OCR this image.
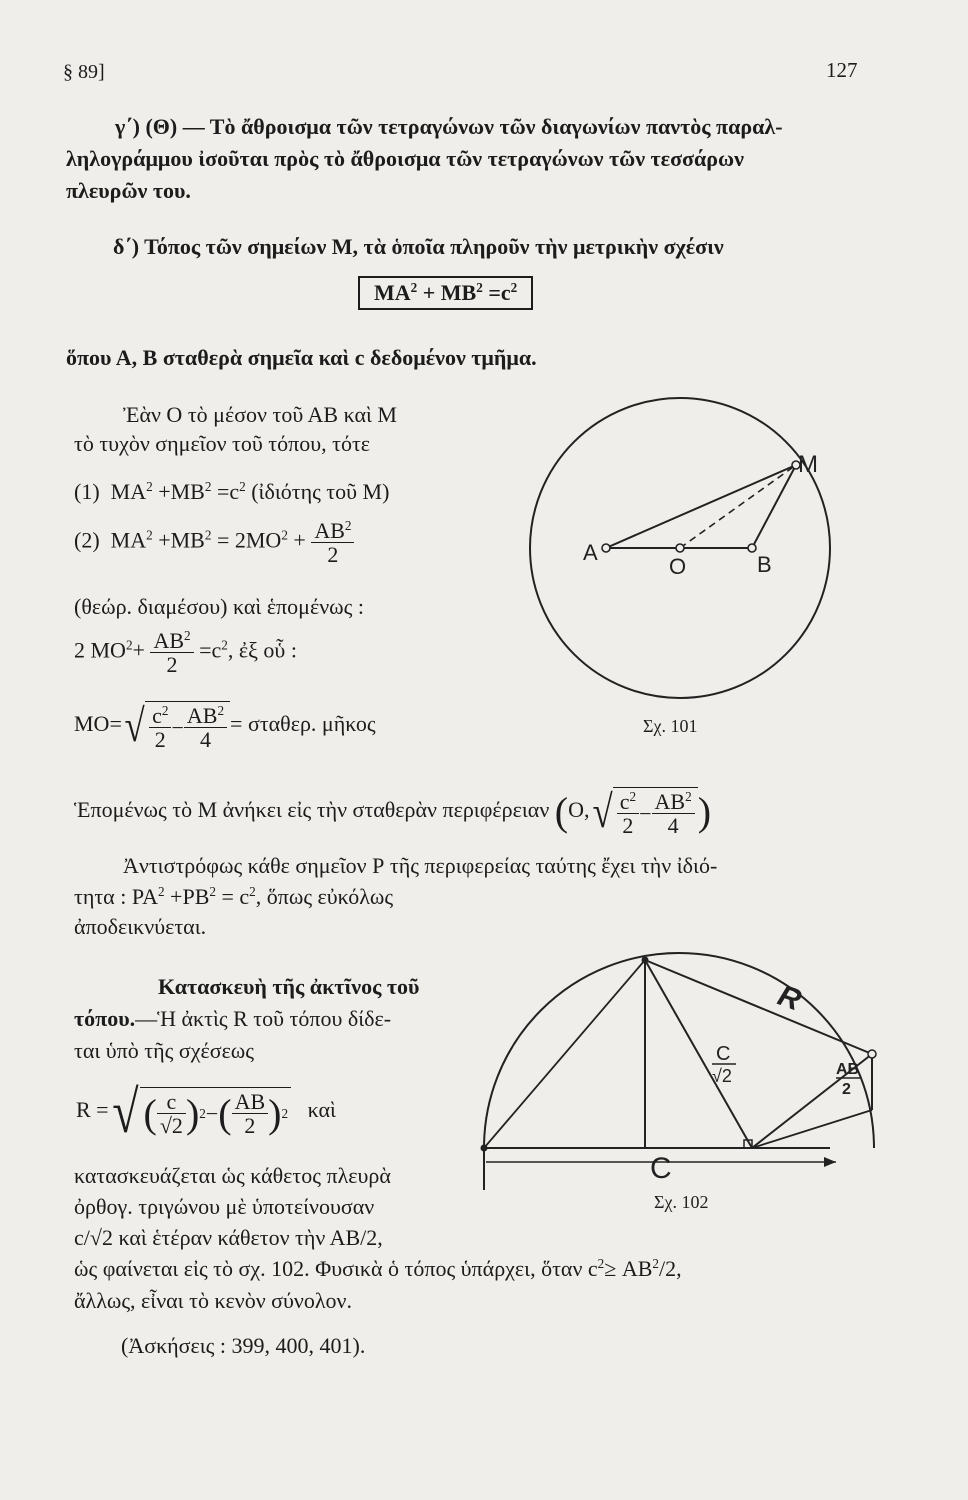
§ 89]	127
γ΄) (Θ) — Τὸ ἄθροισμα τῶν τετραγώνων τῶν διαγωνίων παντὸς παραλ-
ληλογράμμου ἰσοῦται πρὸς τὸ ἄθροισμα τῶν τετραγώνων τῶν τεσσάρων
πλευρῶν του.
δ΄) Τόπος τῶν σημείων Μ, τὰ ὁποῖα πληροῦν τὴν μετρικὴν σχέσιν
$MA^2 + MB^2 =c^2$
ὅπου Α, Β σταθερὰ σημεῖα καὶ c δεδομένον τμῆμα.
Ἐὰν Ο τὸ μέσον τοῦ ΑΒ καὶ Μ
τὸ τυχὸν σημεῖον τοῦ τόπου, τότε
(1) $MA^2 +MB^2 =c^2$ (ἰδιότης τοῦ Μ)
(2) $MA^2 +MB^2 = 2MO^2 + \frac{AB^2}{2}$
(θεώρ. διαμέσου) καὶ ἑπομένως :
2 $MO^2+ \frac{AB^2}{2} =c^2$, ἐξ οὗ :
ΜΟ= √ $\frac{c^2}{2} - \frac{AB^2}{4} = \sigma\tau\alpha\theta\varepsilon\rho$. μῆκος
Ἑπομένως τὸ Μ ἀνήκει εἰς τὴν σταθερὰν περιφέρειαν (Ο, √ $\frac{c^2}{2} - \frac{AB^2}{4}$ )
Ἀντιστρόφως κάθε σημεῖον Ρ τῆς περιφερείας ταύτης ἔχει τὴν ἰδιό-
τητα : $PA^2 +PB^2 = c^2$, ὅπως εὐκόλως
ἀποδεικνύεται.
Κατασκευὴ τῆς ἀκτῖνος τοῦ
τόπου.—Ἡ ἀκτὶς R τοῦ τόπου δίδε-
ται ὑπὸ τῆς σχέσεως
R = √ ( $\frac{c}{√2}$ ) 2 − ( $\frac{AB}{2}$ ) 2 καὶ
κατασκευάζεται ὡς κάθετος πλευρὰ
ὀρθογ. τριγώνου μὲ ὑποτείνουσαν
c/√2 καὶ ἑτέραν κάθετον τὴν ΑΒ/2,
ὡς φαίνεται εἰς τὸ σχ. 102. Φυσικὰ ὁ τόπος ὑπάρχει, ὅταν $c^2\ge AB^2/2$,
ἄλλως, εἶναι τὸ κενὸν σύνολον.
(Ἀσκήσεις : 399, 400, 401).
M
A
O	B
Σχ. 101
R
C
√2	AB
2
C
Σχ. 102
